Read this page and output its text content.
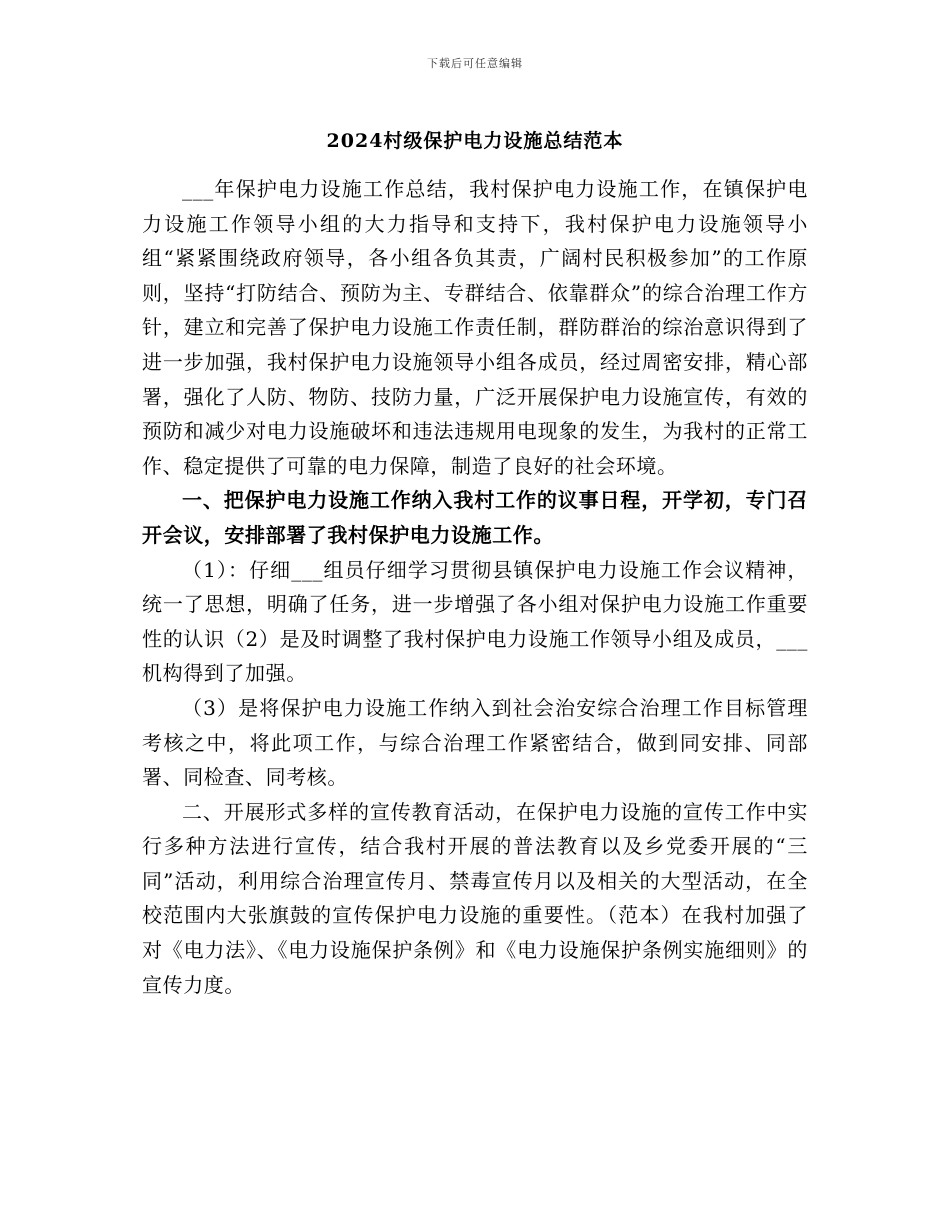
下载后可任意编辑
2024村级保护电力设施总结范本

___年保护电力设施工作总结，我村保护电力设施工作，在镇保护电力设施工作领导小组的大力指导和支持下，我村保护电力设施领导小组“紧紧围绕政府领导，各小组各负其责，广阔村民积极参加”的工作原则，坚持“打防结合、预防为主、专群结合、依靠群众”的综合治理工作方针，建立和完善了保护电力设施工作责任制，群防群治的综治意识得到了进一步加强，我村保护电力设施领导小组各成员，经过周密安排，精心部署，强化了人防、物防、技防力量，广泛开展保护电力设施宣传，有效的预防和减少对电力设施破坏和违法违规用电现象的发生，为我村的正常工作、稳定提供了可靠的电力保障，制造了良好的社会环境。

一、把保护电力设施工作纳入我村工作的议事日程，开学初，专门召开会议，安排部署了我村保护电力设施工作。

（1）：仔细___组员仔细学习贯彻县镇保护电力设施工作会议精神，统一了思想，明确了任务，进一步增强了各小组对保护电力设施工作重要性的认识（2）是及时调整了我村保护电力设施工作领导小组及成员，___机构得到了加强。

（3）是将保护电力设施工作纳入到社会治安综合治理工作目标管理考核之中，将此项工作，与综合治理工作紧密结合，做到同安排、同部署、同检查、同考核。

二、开展形式多样的宣传教育活动，在保护电力设施的宣传工作中实行多种方法进行宣传，结合我村开展的普法教育以及乡党委开展的“三同”活动，利用综合治理宣传月、禁毒宣传月以及相关的大型活动，在全校范围内大张旗鼓的宣传保护电力设施的重要性。（范本）在我村加强了对《电力法》、《电力设施保护条例》和《电力设施保护条例实施细则》的宣传力度。
